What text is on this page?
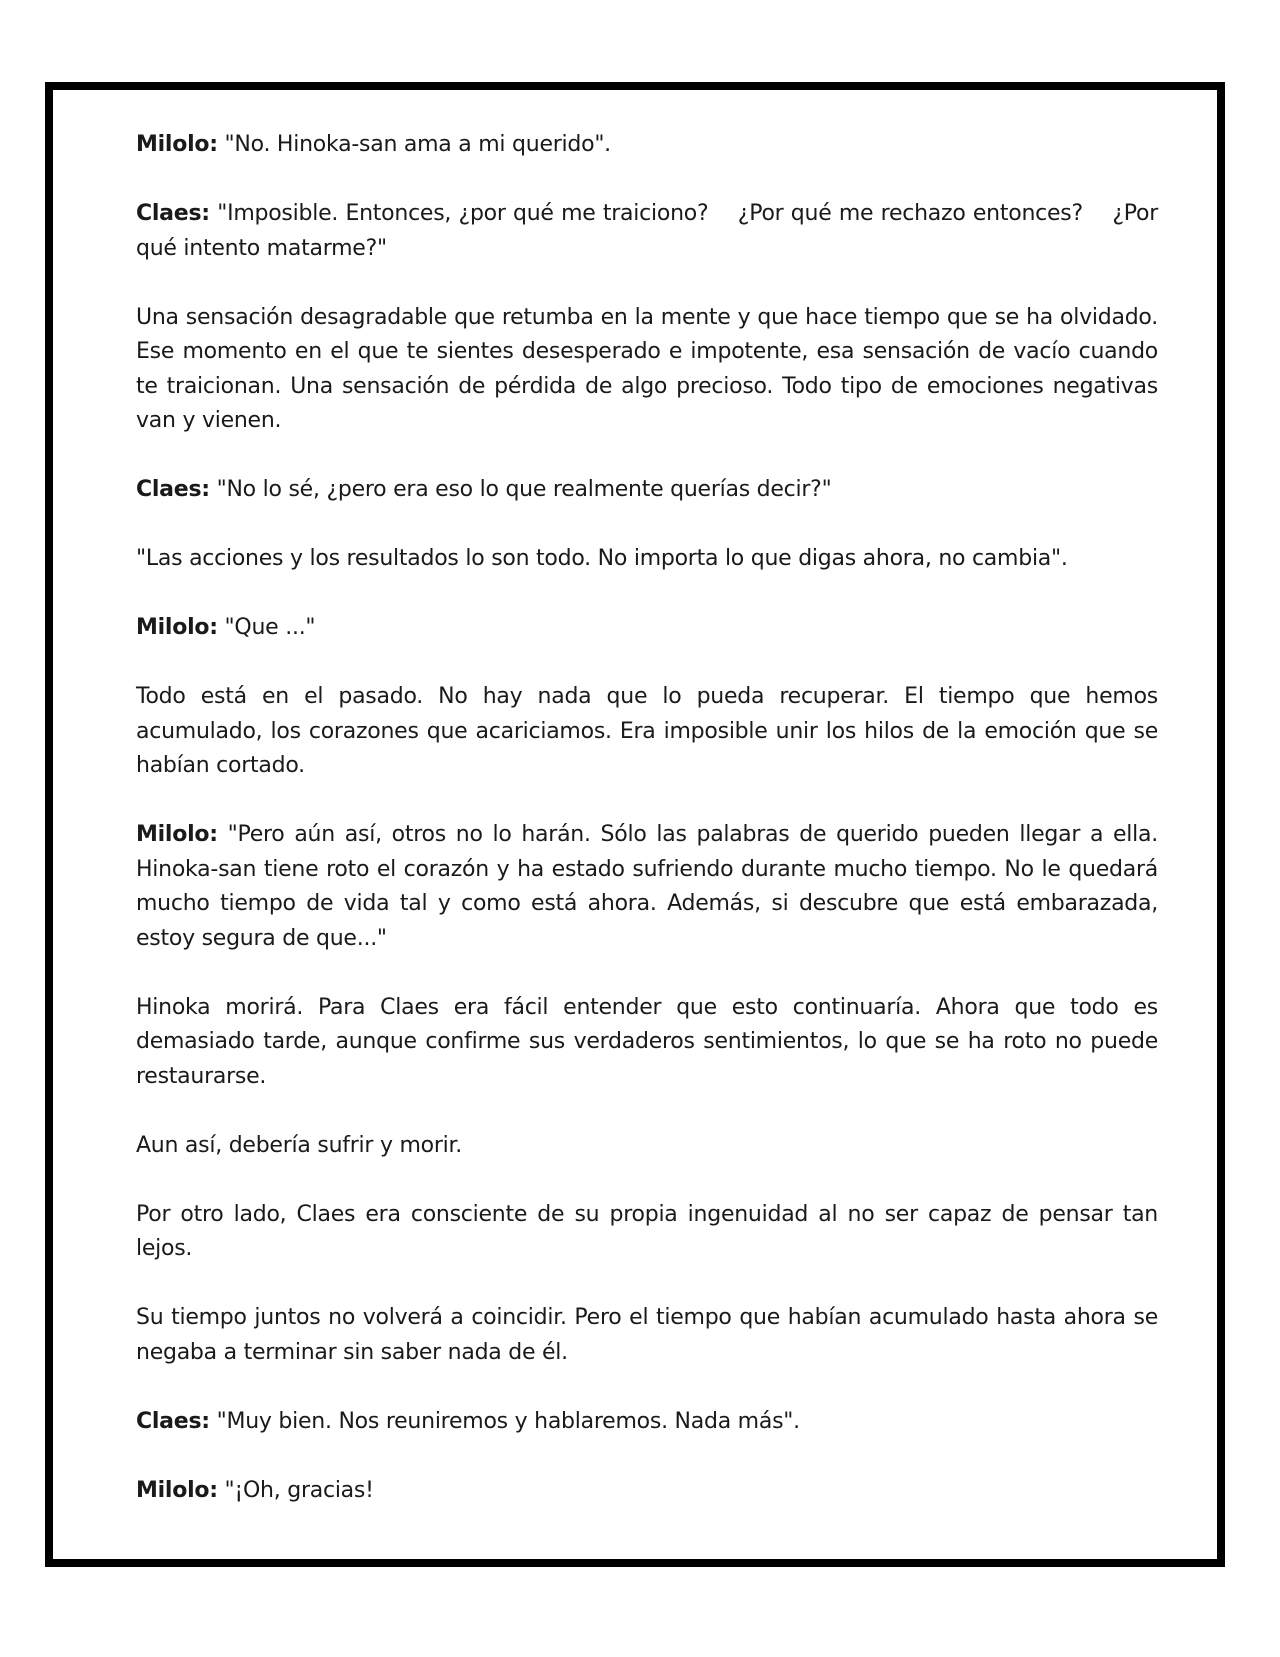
Milolo: "No. Hinoka-san ama a mi querido".

Claes: "Imposible. Entonces, ¿por qué me traiciono?    ¿Por qué me rechazo entonces?    ¿Por qué intento matarme?"

Una sensación desagradable que retumba en la mente y que hace tiempo que se ha olvidado. Ese momento en el que te sientes desesperado e impotente, esa sensación de vacío cuando te traicionan. Una sensación de pérdida de algo precioso. Todo tipo de emociones negativas van y vienen.

Claes: "No lo sé, ¿pero era eso lo que realmente querías decir?"

"Las acciones y los resultados lo son todo. No importa lo que digas ahora, no cambia".

Milolo: "Que ..."

Todo está en el pasado. No hay nada que lo pueda recuperar. El tiempo que hemos acumulado, los corazones que acariciamos. Era imposible unir los hilos de la emoción que se habían cortado.

Milolo: "Pero aún así, otros no lo harán. Sólo las palabras de querido pueden llegar a ella. Hinoka-san tiene roto el corazón y ha estado sufriendo durante mucho tiempo. No le quedará mucho tiempo de vida tal y como está ahora. Además, si descubre que está embarazada, estoy segura de que..."

Hinoka morirá. Para Claes era fácil entender que esto continuaría. Ahora que todo es demasiado tarde, aunque confirme sus verdaderos sentimientos, lo que se ha roto no puede restaurarse.

Aun así, debería sufrir y morir.

Por otro lado, Claes era consciente de su propia ingenuidad al no ser capaz de pensar tan lejos.

Su tiempo juntos no volverá a coincidir. Pero el tiempo que habían acumulado hasta ahora se negaba a terminar sin saber nada de él.

Claes: "Muy bien. Nos reuniremos y hablaremos. Nada más".

Milolo: "¡Oh, gracias!
